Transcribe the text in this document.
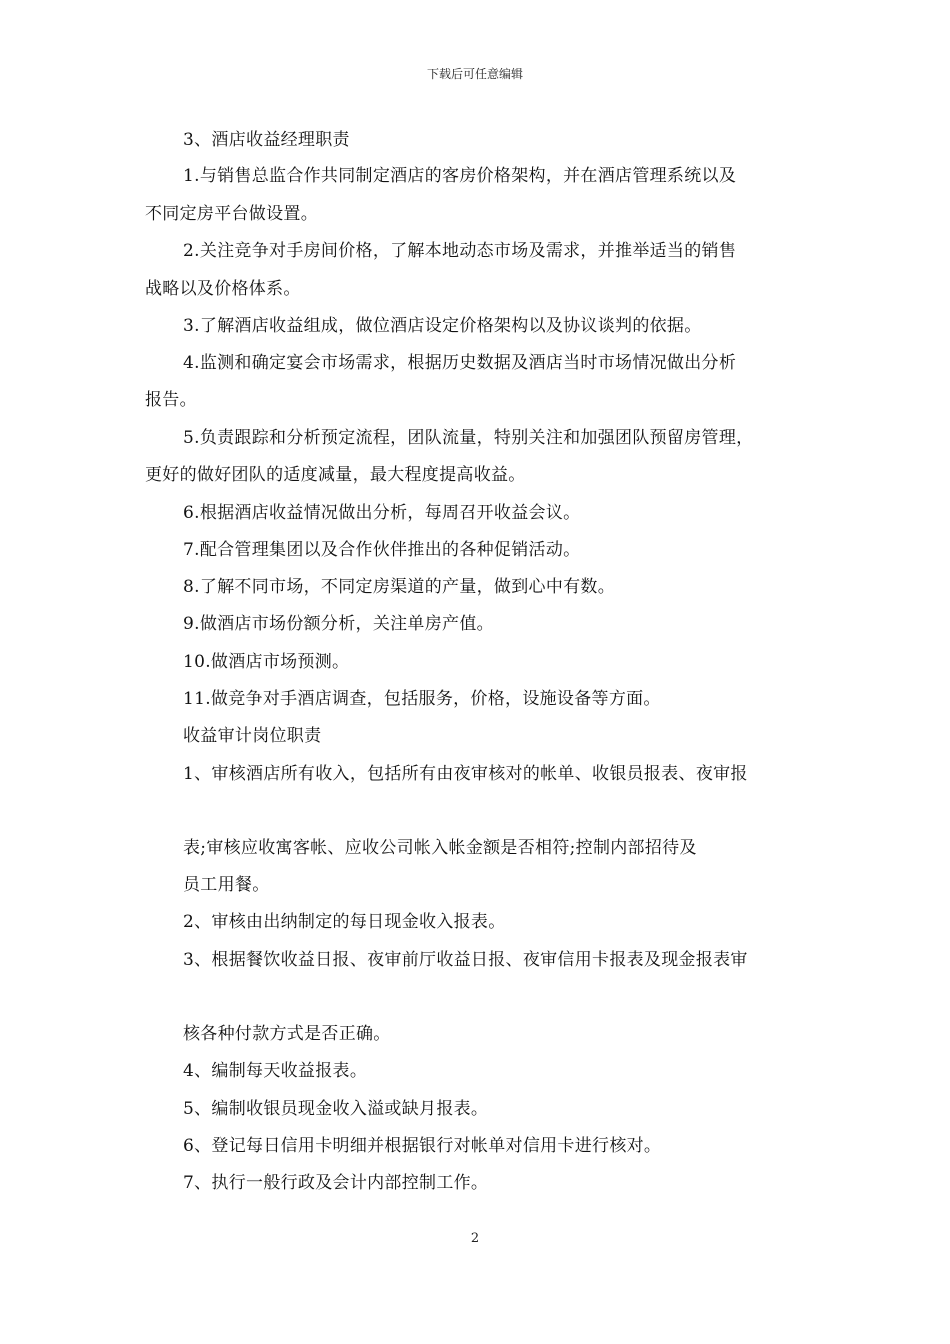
下载后可任意编辑
3、酒店收益经理职责
1.与销售总监合作共同制定酒店的客房价格架构，并在酒店管理系统以及
不同定房平台做设置。
2.关注竞争对手房间价格，了解本地动态市场及需求，并推举适当的销售
战略以及价格体系。
3.了解酒店收益组成，做位酒店设定价格架构以及协议谈判的依据。
4.监测和确定宴会市场需求，根据历史数据及酒店当时市场情况做出分析
报告。
5.负责跟踪和分析预定流程，团队流量，特别关注和加强团队预留房管理，
更好的做好团队的适度减量，最大程度提高收益。
6.根据酒店收益情况做出分析，每周召开收益会议。
7.配合管理集团以及合作伙伴推出的各种促销活动。
8.了解不同市场，不同定房渠道的产量，做到心中有数。
9.做酒店市场份额分析，关注单房产值。
10.做酒店市场预测。
11.做竞争对手酒店调查，包括服务，价格，设施设备等方面。
收益审计岗位职责
1、审核酒店所有收入，包括所有由夜审核对的帐单、收银员报表、夜审报
表;审核应收寓客帐、应收公司帐入帐金额是否相符;控制内部招待及
员工用餐。
2、审核由出纳制定的每日现金收入报表。
3、根据餐饮收益日报、夜审前厅收益日报、夜审信用卡报表及现金报表审
核各种付款方式是否正确。
4、编制每天收益报表。
5、编制收银员现金收入溢或缺月报表。
6、登记每日信用卡明细并根据银行对帐单对信用卡进行核对。
7、执行一般行政及会计内部控制工作。
2
